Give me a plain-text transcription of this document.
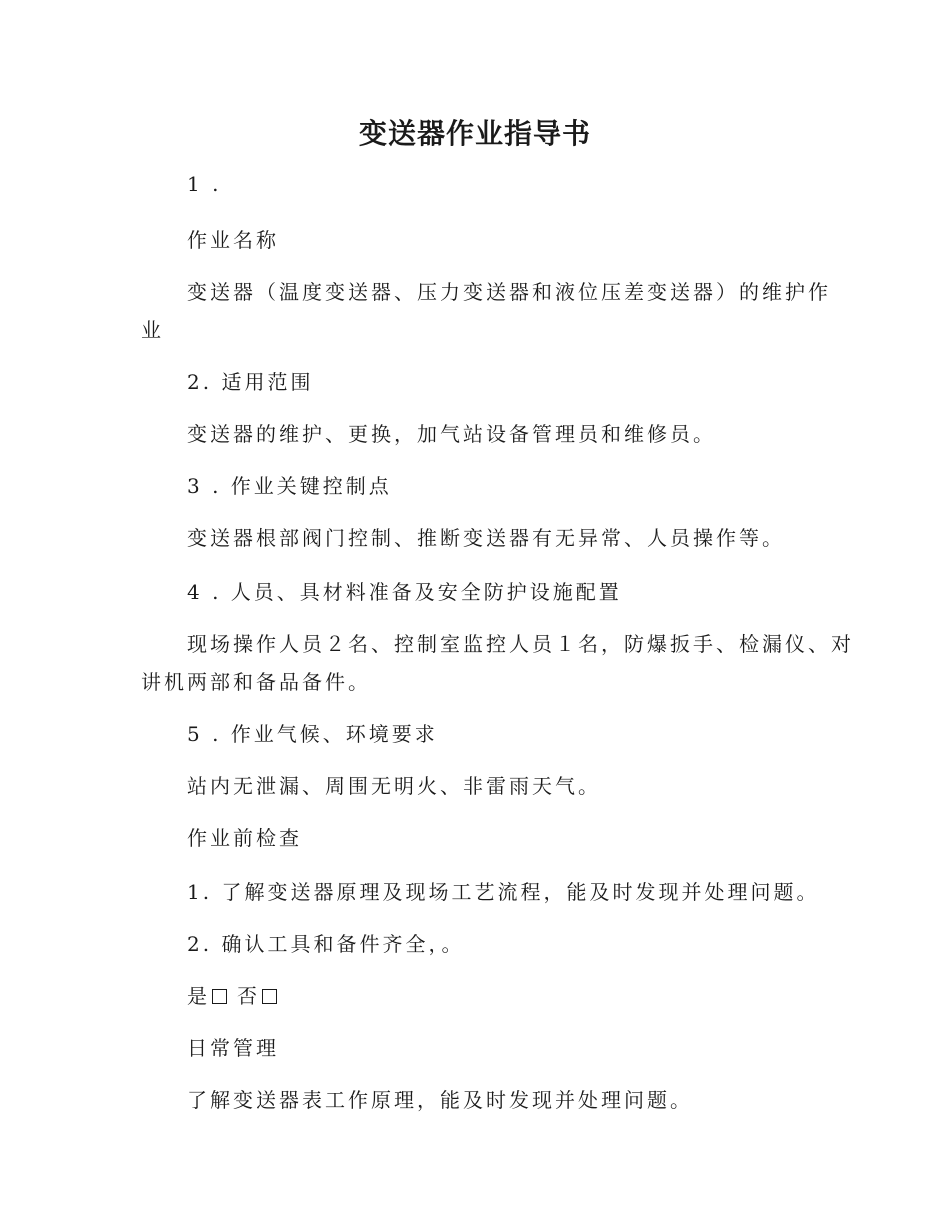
变送器作业指导书

1 .

作业名称

变送器（温度变送器、压力变送器和液位压差变送器）的维护作

业

2. 适用范围

变送器的维护、更换，加气站设备管理员和维修员。

3 . 作业关键控制点

变送器根部阀门控制、推断变送器有无异常、人员操作等。

4 . 人员、具材料准备及安全防护设施配置

现场操作人员２名、控制室监控人员１名，防爆扳手、检漏仪、对

讲机两部和备品备件。

5 . 作业气候、环境要求

站内无泄漏、周围无明火、非雷雨天气。

作业前检查

1. 了解变送器原理及现场工艺流程，能及时发现并处理问题。

2. 确认工具和备件齐全，。

是 否

日常管理

了解变送器表工作原理，能及时发现并处理问题。
